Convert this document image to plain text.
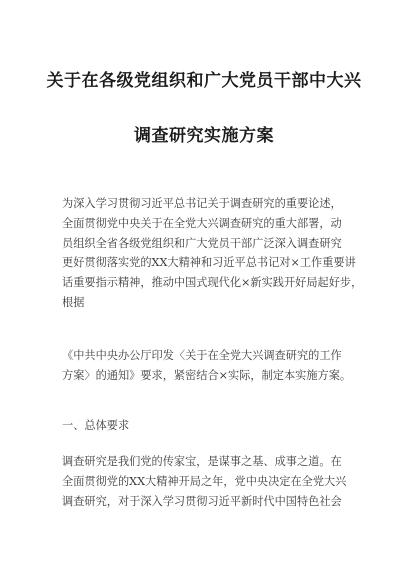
关于在各级党组织和广大党员干部中大兴
调查研究实施方案
为深入学习贯彻习近平总书记关于调查研究的重要论述，
全面贯彻党中央关于在全党大兴调查研究的重大部署，动
员组织全省各级党组织和广大党员干部广泛深入调查研究
更好贯彻落实党的XX大精神和习近平总书记对×工作重要讲
话重要指示精神，推动中国式现代化×新实践开好局起好步，
根据
《中共中央办公厅印发〈关于在全党大兴调查研究的工作
方案〉的通知》要求，紧密结合×实际，制定本实施方案。
一、总体要求
调查研究是我们党的传家宝，是谋事之基、成事之道。在
全面贯彻党的XX大精神开局之年，党中央决定在全党大兴
调查研究，对于深入学习贯彻习近平新时代中国特色社会
